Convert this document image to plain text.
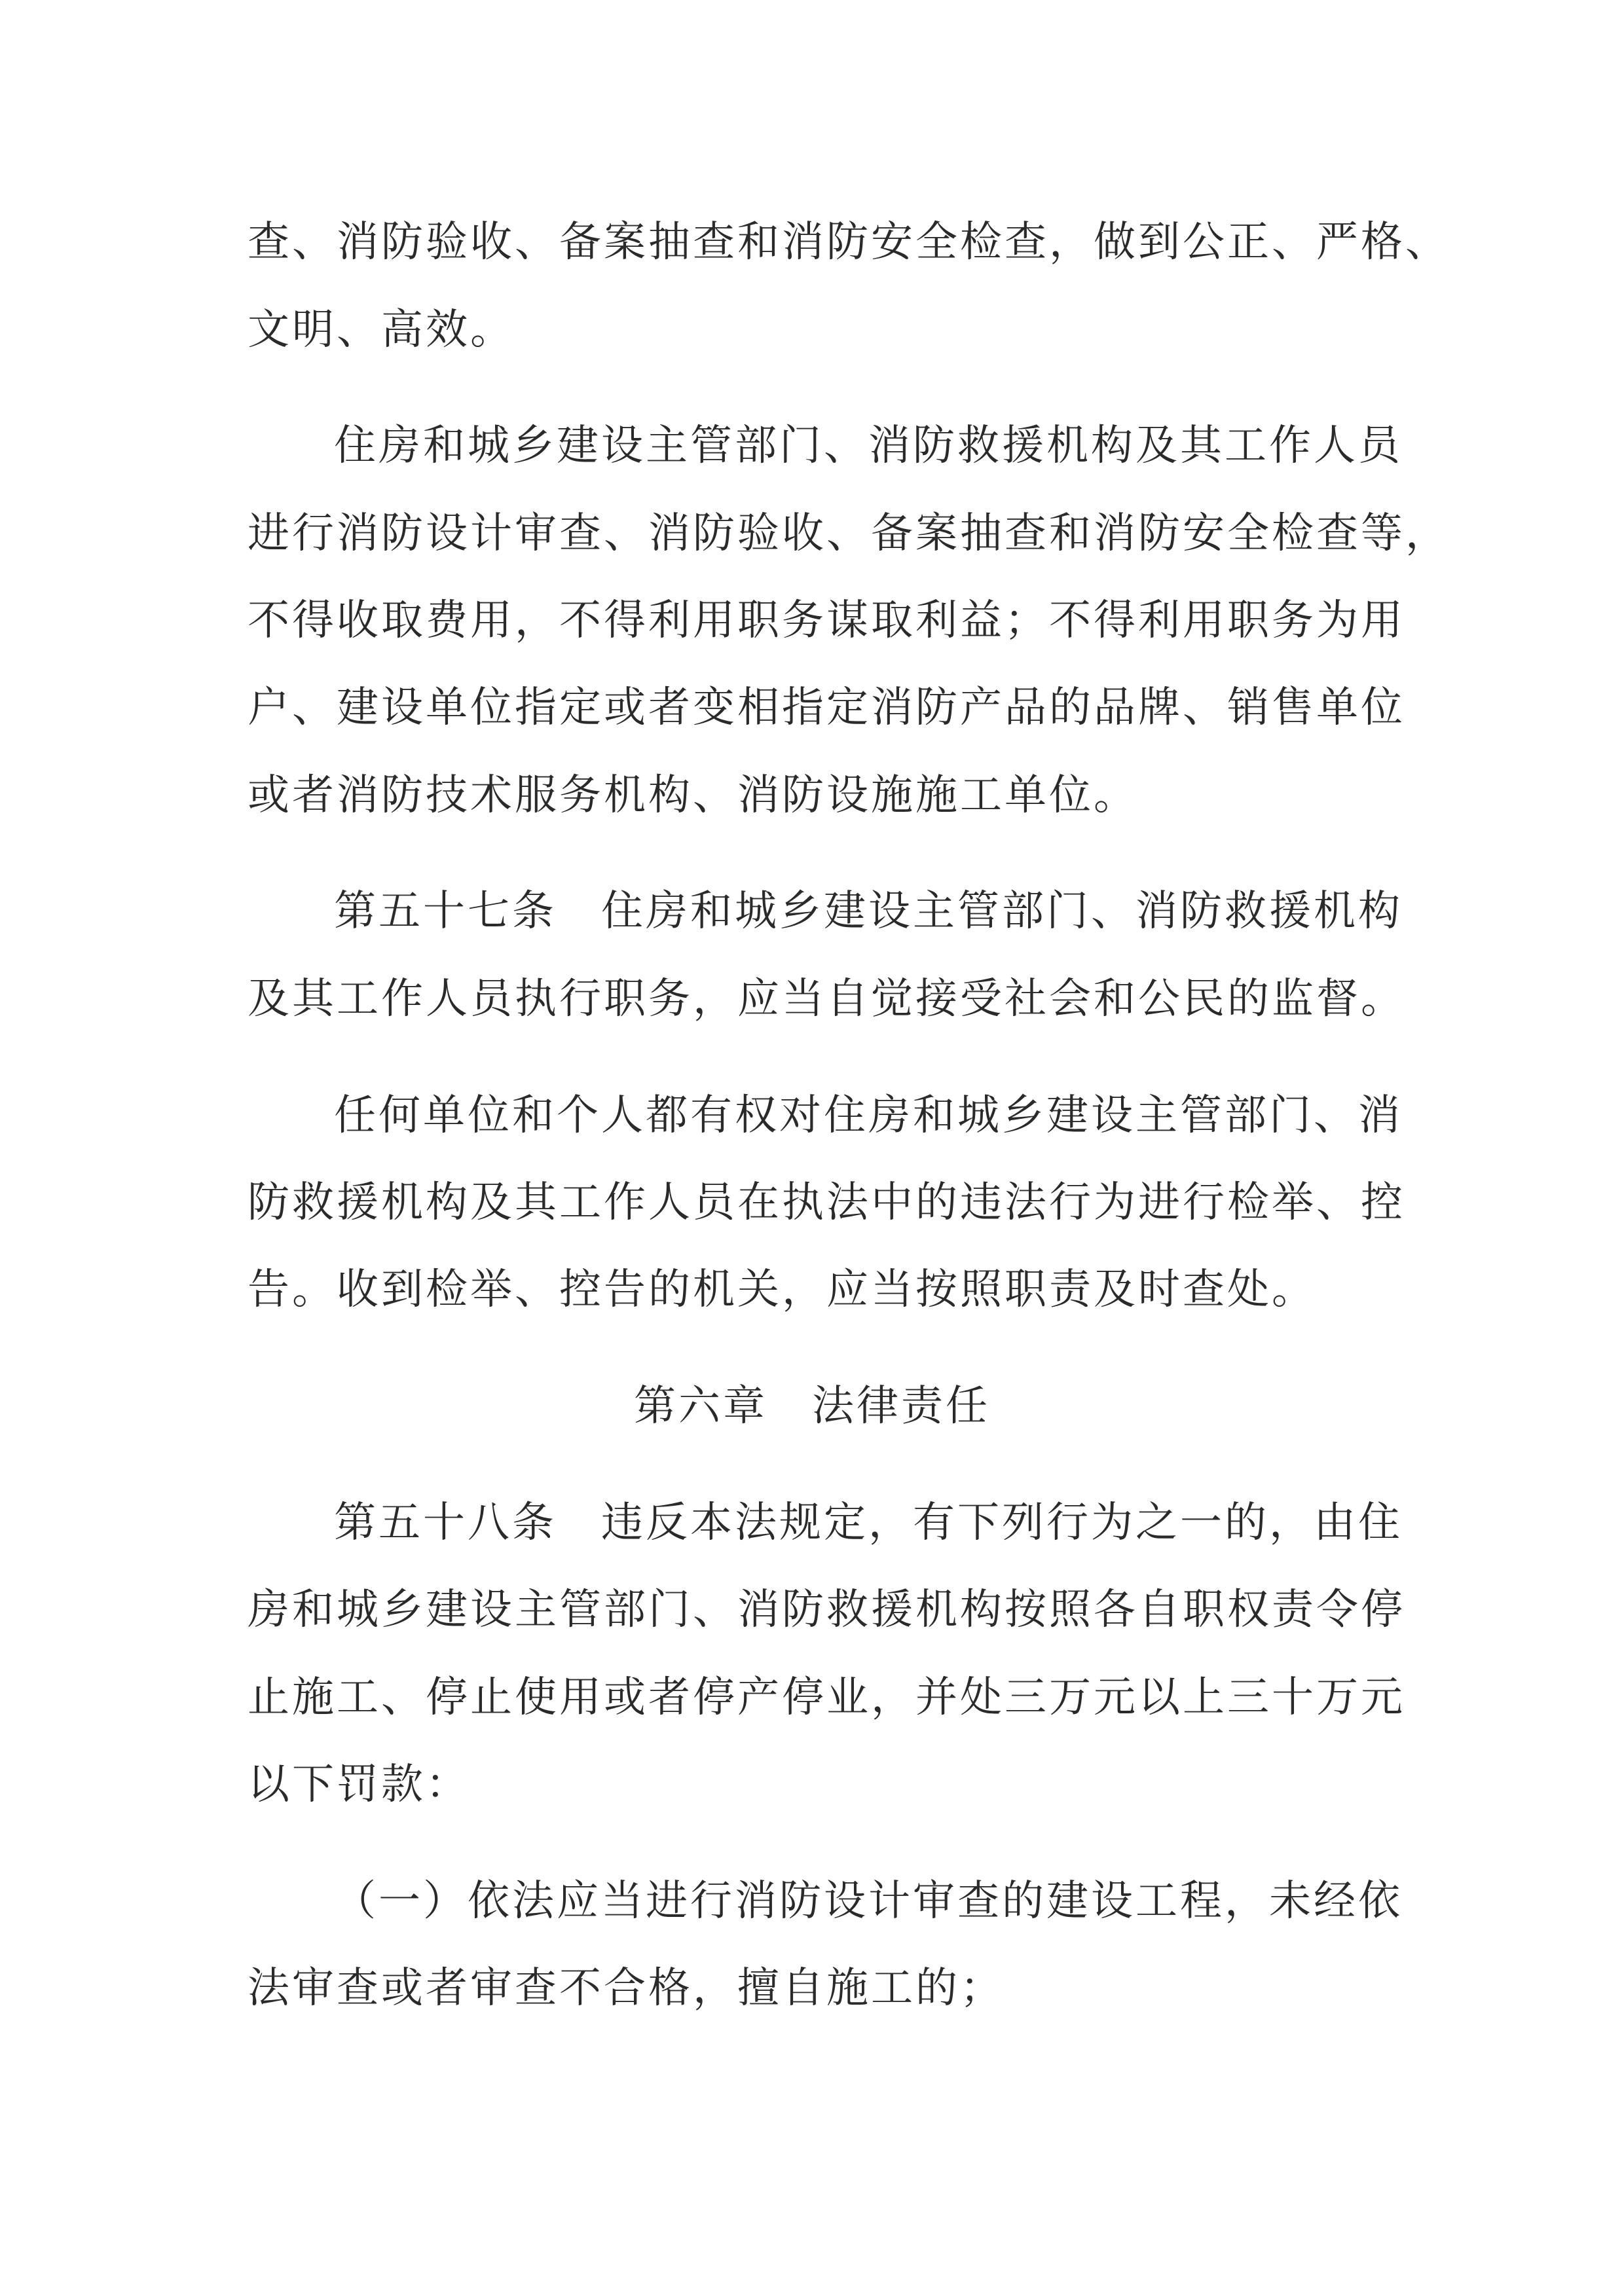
查、消防验收、备案抽查和消防安全检查，做到公正、严格、
文明、高效。
住房和城乡建设主管部门、消防救援机构及其工作人员
进行消防设计审查、消防验收、备案抽查和消防安全检查等，
不得收取费用，不得利用职务谋取利益；不得利用职务为用
户、建设单位指定或者变相指定消防产品的品牌、销售单位
或者消防技术服务机构、消防设施施工单位。
第五十七条　住房和城乡建设主管部门、消防救援机构
及其工作人员执行职务，应当自觉接受社会和公民的监督。
任何单位和个人都有权对住房和城乡建设主管部门、消
防救援机构及其工作人员在执法中的违法行为进行检举、控
告。收到检举、控告的机关，应当按照职责及时查处。
第五十八条　违反本法规定，有下列行为之一的，由住
房和城乡建设主管部门、消防救援机构按照各自职权责令停
止施工、停止使用或者停产停业，并处三万元以上三十万元
以下罚款：
（一）依法应当进行消防设计审查的建设工程，未经依
法审查或者审查不合格，擅自施工的；
第六章　法律责任
